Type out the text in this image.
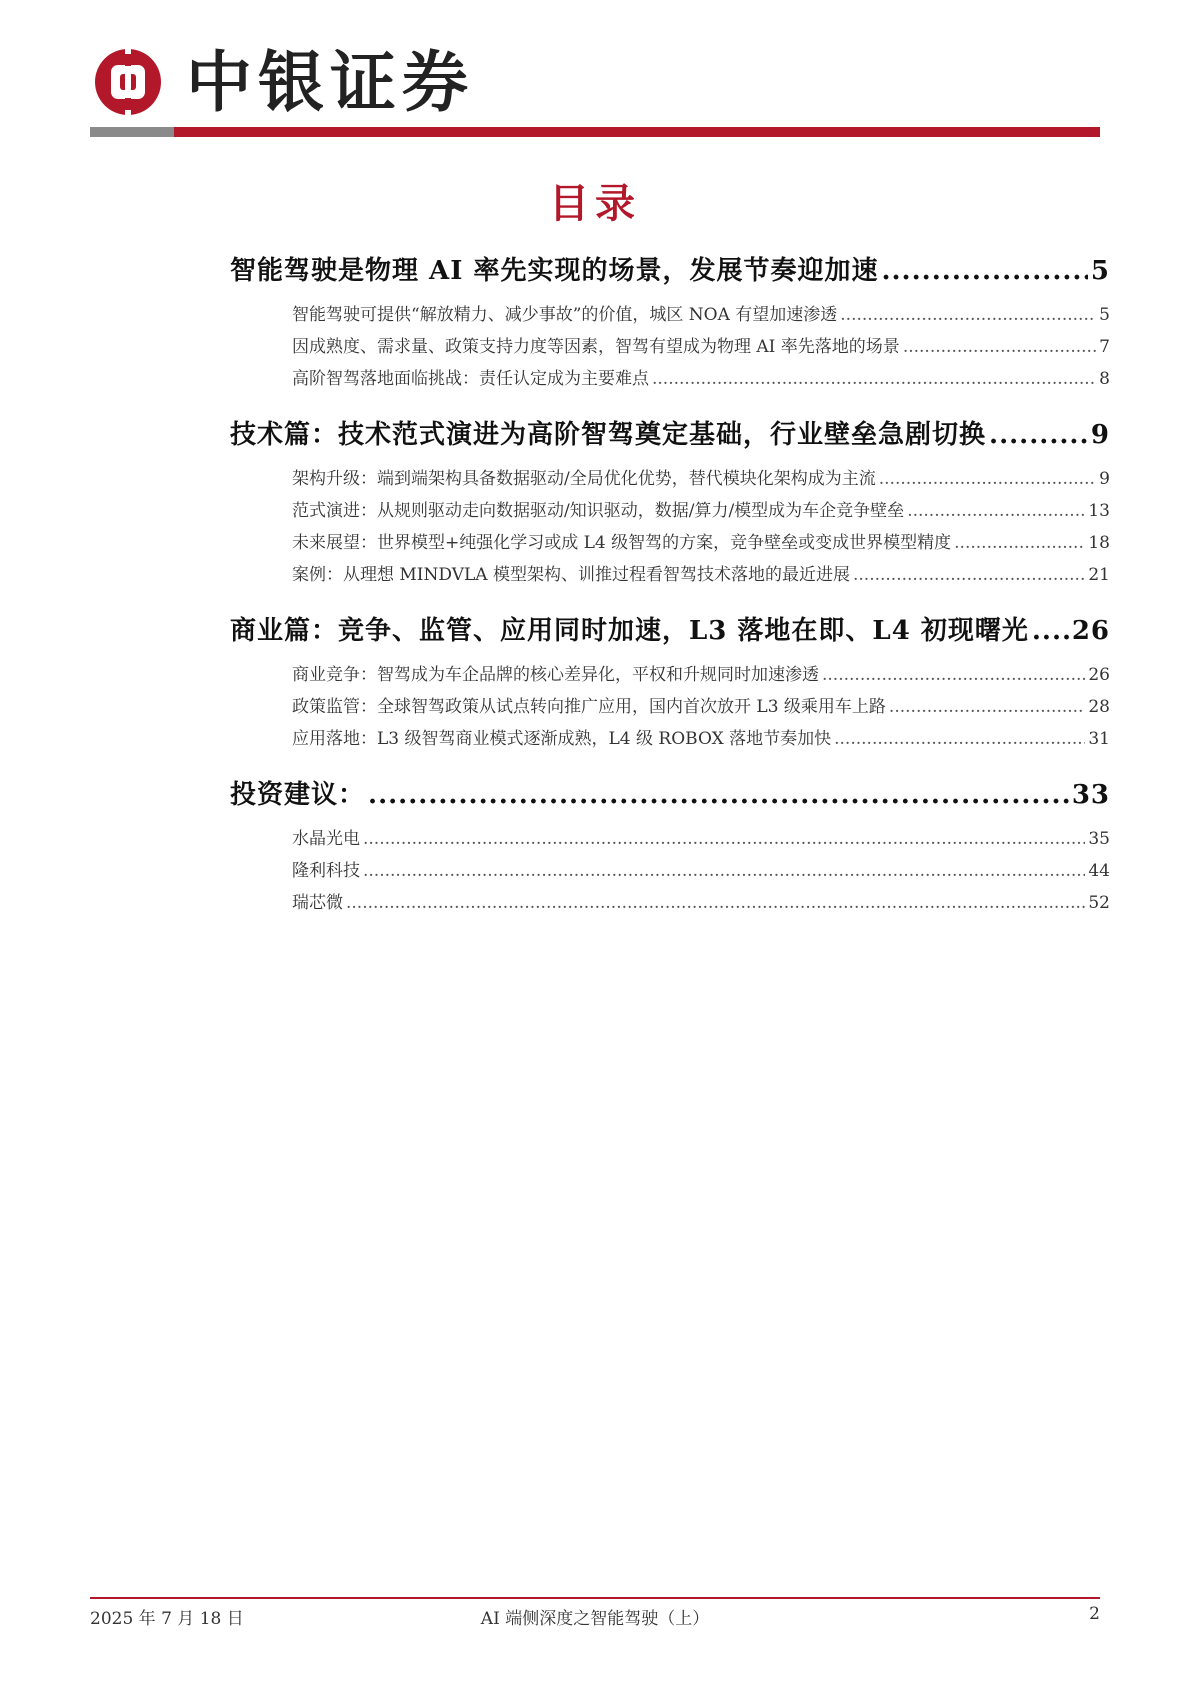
中银证券
目录
智能驾驶是物理 AI 率先实现的场景，发展节奏迎加速 .....	5
智能驾驶可提供“解放精力、减少事故”的价值，城区 NOA 有望加速渗透 .....	5
因成熟度、需求量、政策支持力度等因素，智驾有望成为物理 AI 率先落地的场景 .....	7
高阶智驾落地面临挑战：责任认定成为主要难点 .....	8
技术篇：技术范式演进为高阶智驾奠定基础，行业壁垒急剧切换 .....	9
架构升级：端到端架构具备数据驱动/全局优化优势，替代模块化架构成为主流 .....	9
范式演进：从规则驱动走向数据驱动/知识驱动，数据/算力/模型成为车企竞争壁垒 .....	13
未来展望：世界模型+纯强化学习或成 L4 级智驾的方案，竞争壁垒或变成世界模型精度 .....	18
案例：从理想 MINDVLA 模型架构、训推过程看智驾技术落地的最近进展 .....	21
商业篇：竞争、监管、应用同时加速，L3 落地在即、L4 初现曙光 ..... 26
商业竞争：智驾成为车企品牌的核心差异化，平权和升规同时加速渗透 .....	26
政策监管：全球智驾政策从试点转向推广应用，国内首次放开 L3 级乘用车上路 .....	28
应用落地：L3 级智驾商业模式逐渐成熟，L4 级 ROBOX 落地节奏加快 .....	31
投资建议： .....	33
水晶光电 .....	35
隆利科技 .....	44
瑞芯微 .....	52
2025 年 7 月 18 日	AI 端侧深度之智能驾驶（上）	2
